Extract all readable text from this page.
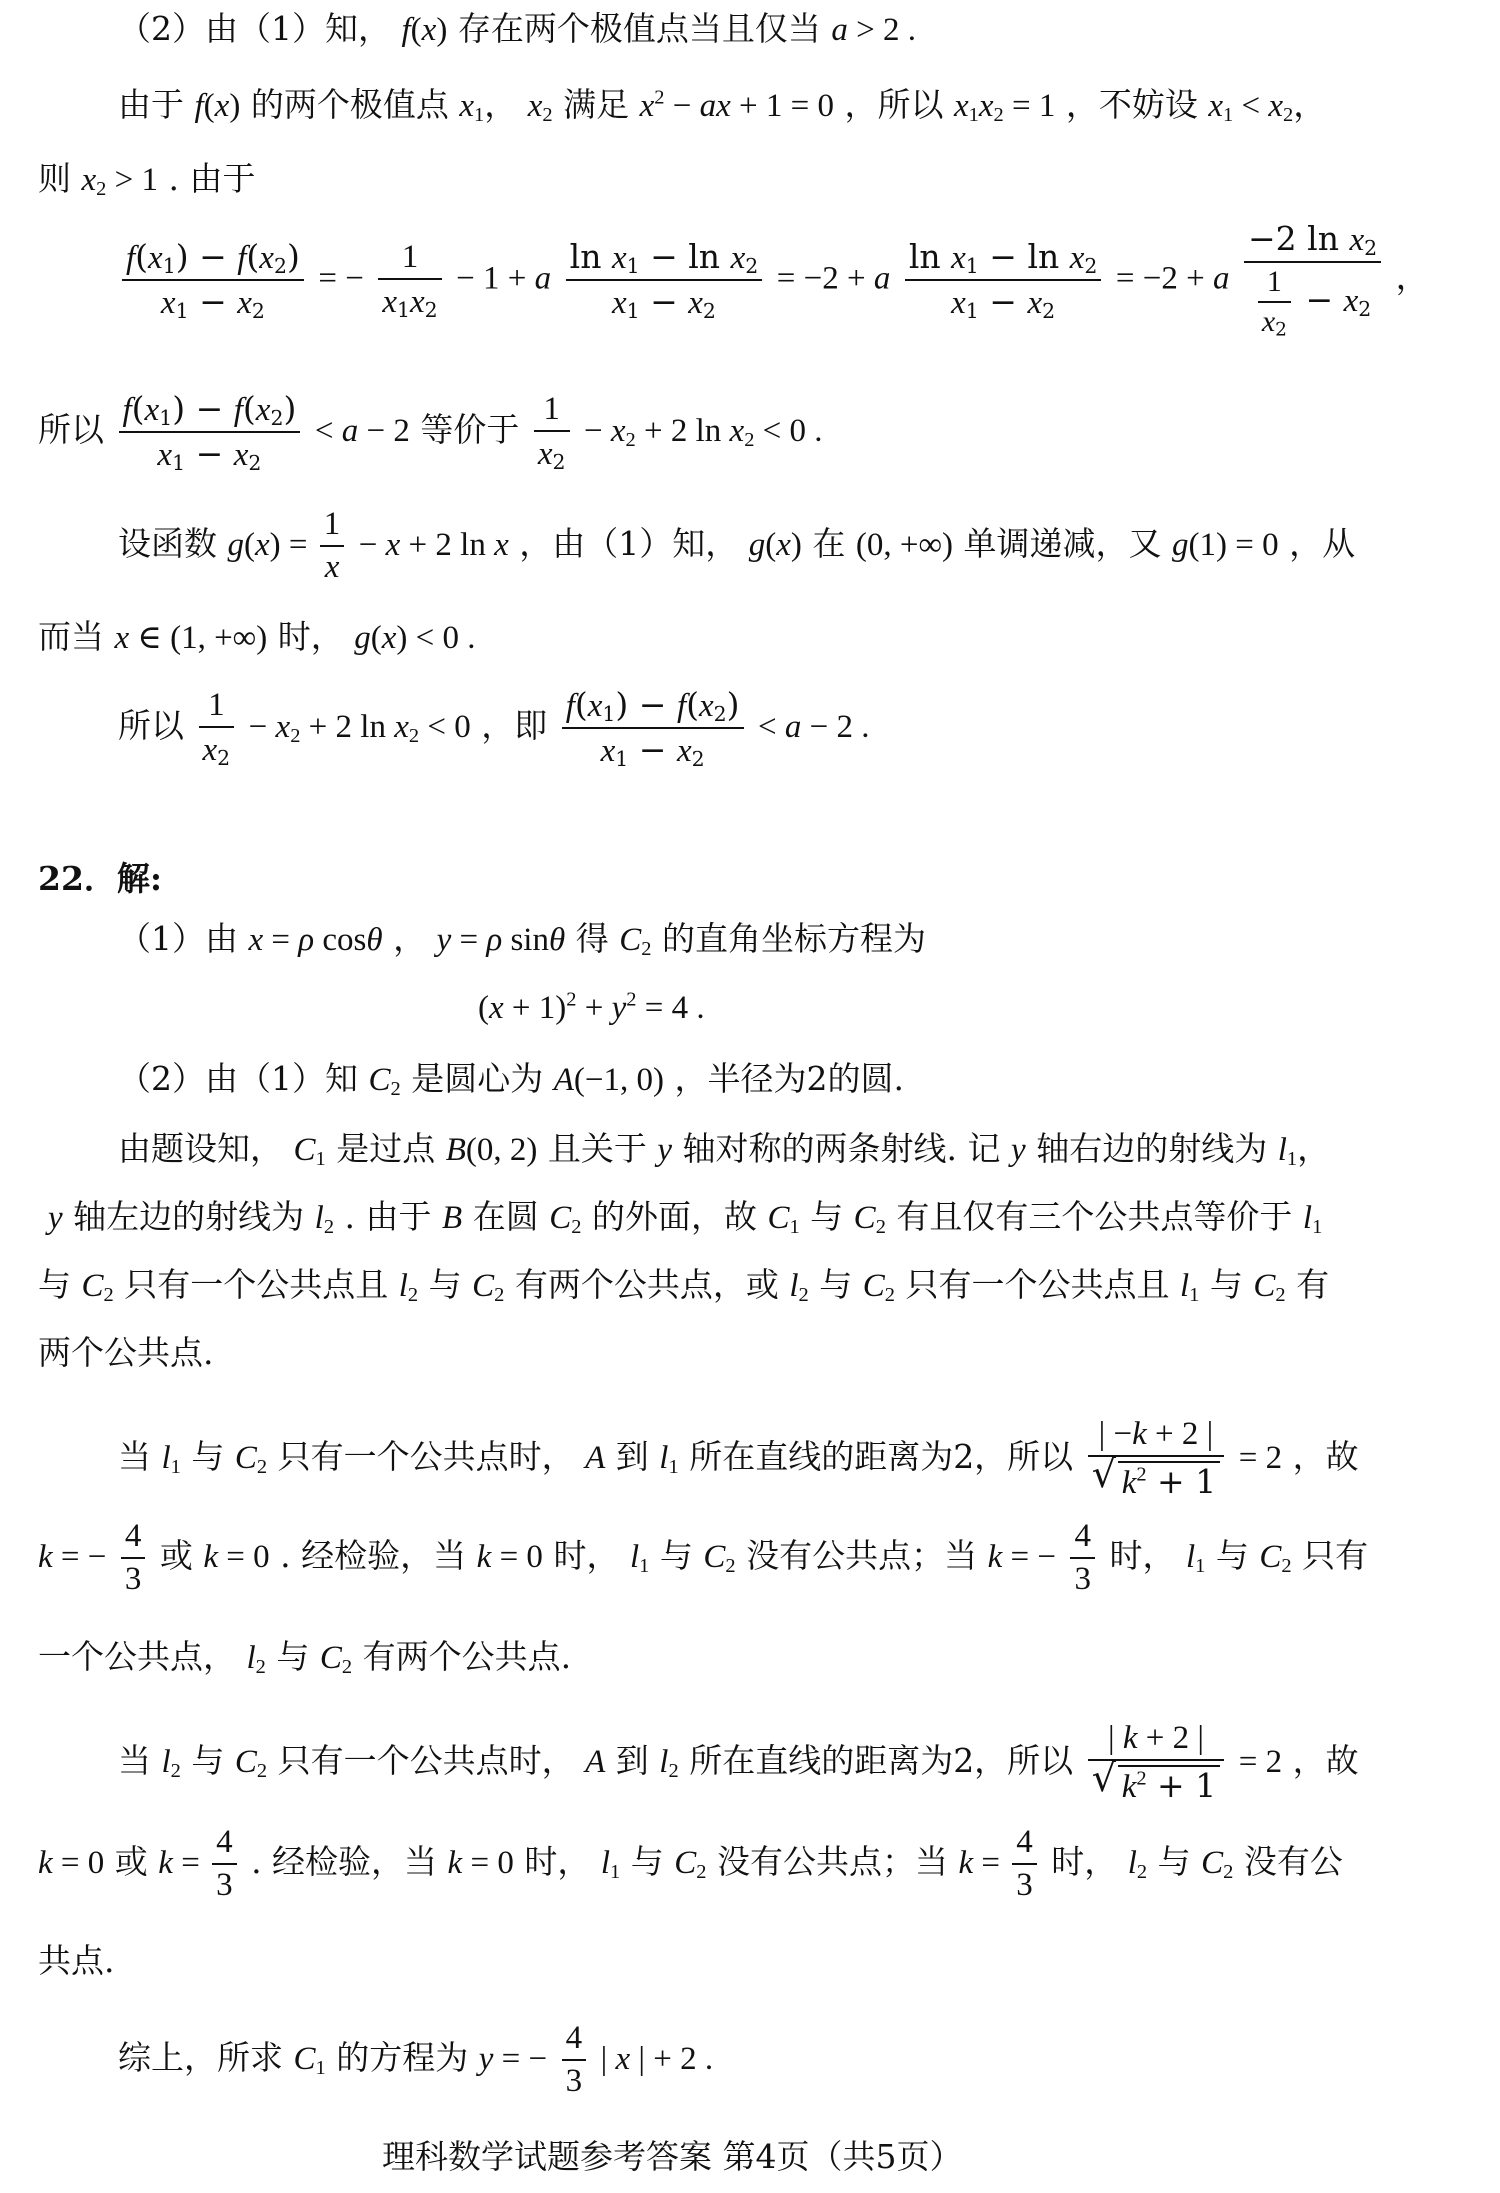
（2）由（1）知， f(x) 存在两个极值点当且仅当 a > 2 .
由于 f(x) 的两个极值点 $x_1$， $x_2$ 满足 $x^2$ − ax + 1 = 0 ，所以 $x_1x_2 = 1$ ，不妨设 $x_1 < x_2$，
则 $x_2 > 1$ . 由于
$\frac{f(x_1) - f(x_2)}{x_1 - x_2}$ = − $\frac{1}{x_1x_2} - 1 + a \frac{\ln x_1 - \ln x_2}{x_1 - x_2} = -2 + a \frac{\ln x_1 - \ln x_2}{x_1 - x_2} = -2 + a \frac{-2 \ln x_2}{\frac{1}{x_2} - x_2}$ ，
所以 $\frac{f(x_1) - f(x_2)}{x_1 - x_2} < a - 2$ 等价于 $\frac{1}{x_2} - x_2 + 2$ $\ln x_2 < 0$ .
设函数 $g(x) = \frac{1}{x} - x + 2$ ln x ，由（1）知， g(x) 在 (0, +∞) 单调递减，又 g(1) = 0 ，从
而当 x ∈ (1, +∞) 时， g(x) < 0 .
所以 $\frac{1}{x_2} - x_2 + 2$ $\ln x_2 < 0$ ，即 $\frac{f(x_1) - f(x_2)}{x_1 - x_2} < a - 2$ .
22．解:
（1）由 x = ρ cosθ ， y = ρ sinθ 得 $C_2$ 的直角坐标方程为
$(x + 1)^2 + y^2 = 4$ .
（2）由（1）知 $C_2$ 是圆心为 A(−1, 0) ，半径为2的圆.
由题设知， $C_1$ 是过点 B(0, 2) 且关于 y 轴对称的两条射线. 记 y 轴右边的射线为 $l_1$，
y 轴左边的射线为 $l_2$ . 由于 B 在圆 $C_2$ 的外面，故 $C_1$ 与 $C_2$ 有且仅有三个公共点等价于 $l_1$
与 $C_2$ 只有一个公共点且 $l_2$ 与 $C_2$ 有两个公共点，或 $l_2$ 与 $C_2$ 只有一个公共点且 $l_1$ 与 $C_2$ 有
两个公共点.
当 $l_1$ 与 $C_2$ 只有一个公共点时， A 到 $l_1$ 所在直线的距离为2，所以 | −k + 2 |
√ $k^2 + 1 = 2$ ，故
k = − $\frac{4}{3}$ 或 k = 0 . 经检验，当 k = 0 时， $l_1$ 与 $C_2$ 没有公共点；当 k = − $\frac{4}{3}$ 时， $l_1$ 与 $C_2$ 只有
一个公共点， $l_2$ 与 $C_2$ 有两个公共点.
当 $l_2$ 与 $C_2$ 只有一个公共点时， A 到 $l_2$ 所在直线的距离为2，所以 | k + 2 |
√ $k^2 + 1 = 2$ ，故
k = 0 或 $k = \frac{4}{3}$ . 经检验，当 k = 0 时， $l_1$ 与 $C_2$ 没有公共点；当 $k = \frac{4}{3}$ 时， $l_2$ 与 $C_2$ 没有公
共点.
综上，所求 $C_1$ 的方程为 y = − $\frac{4}{3}$ | x | + 2 .
理科数学试题参考答案 第4页（共5页）
